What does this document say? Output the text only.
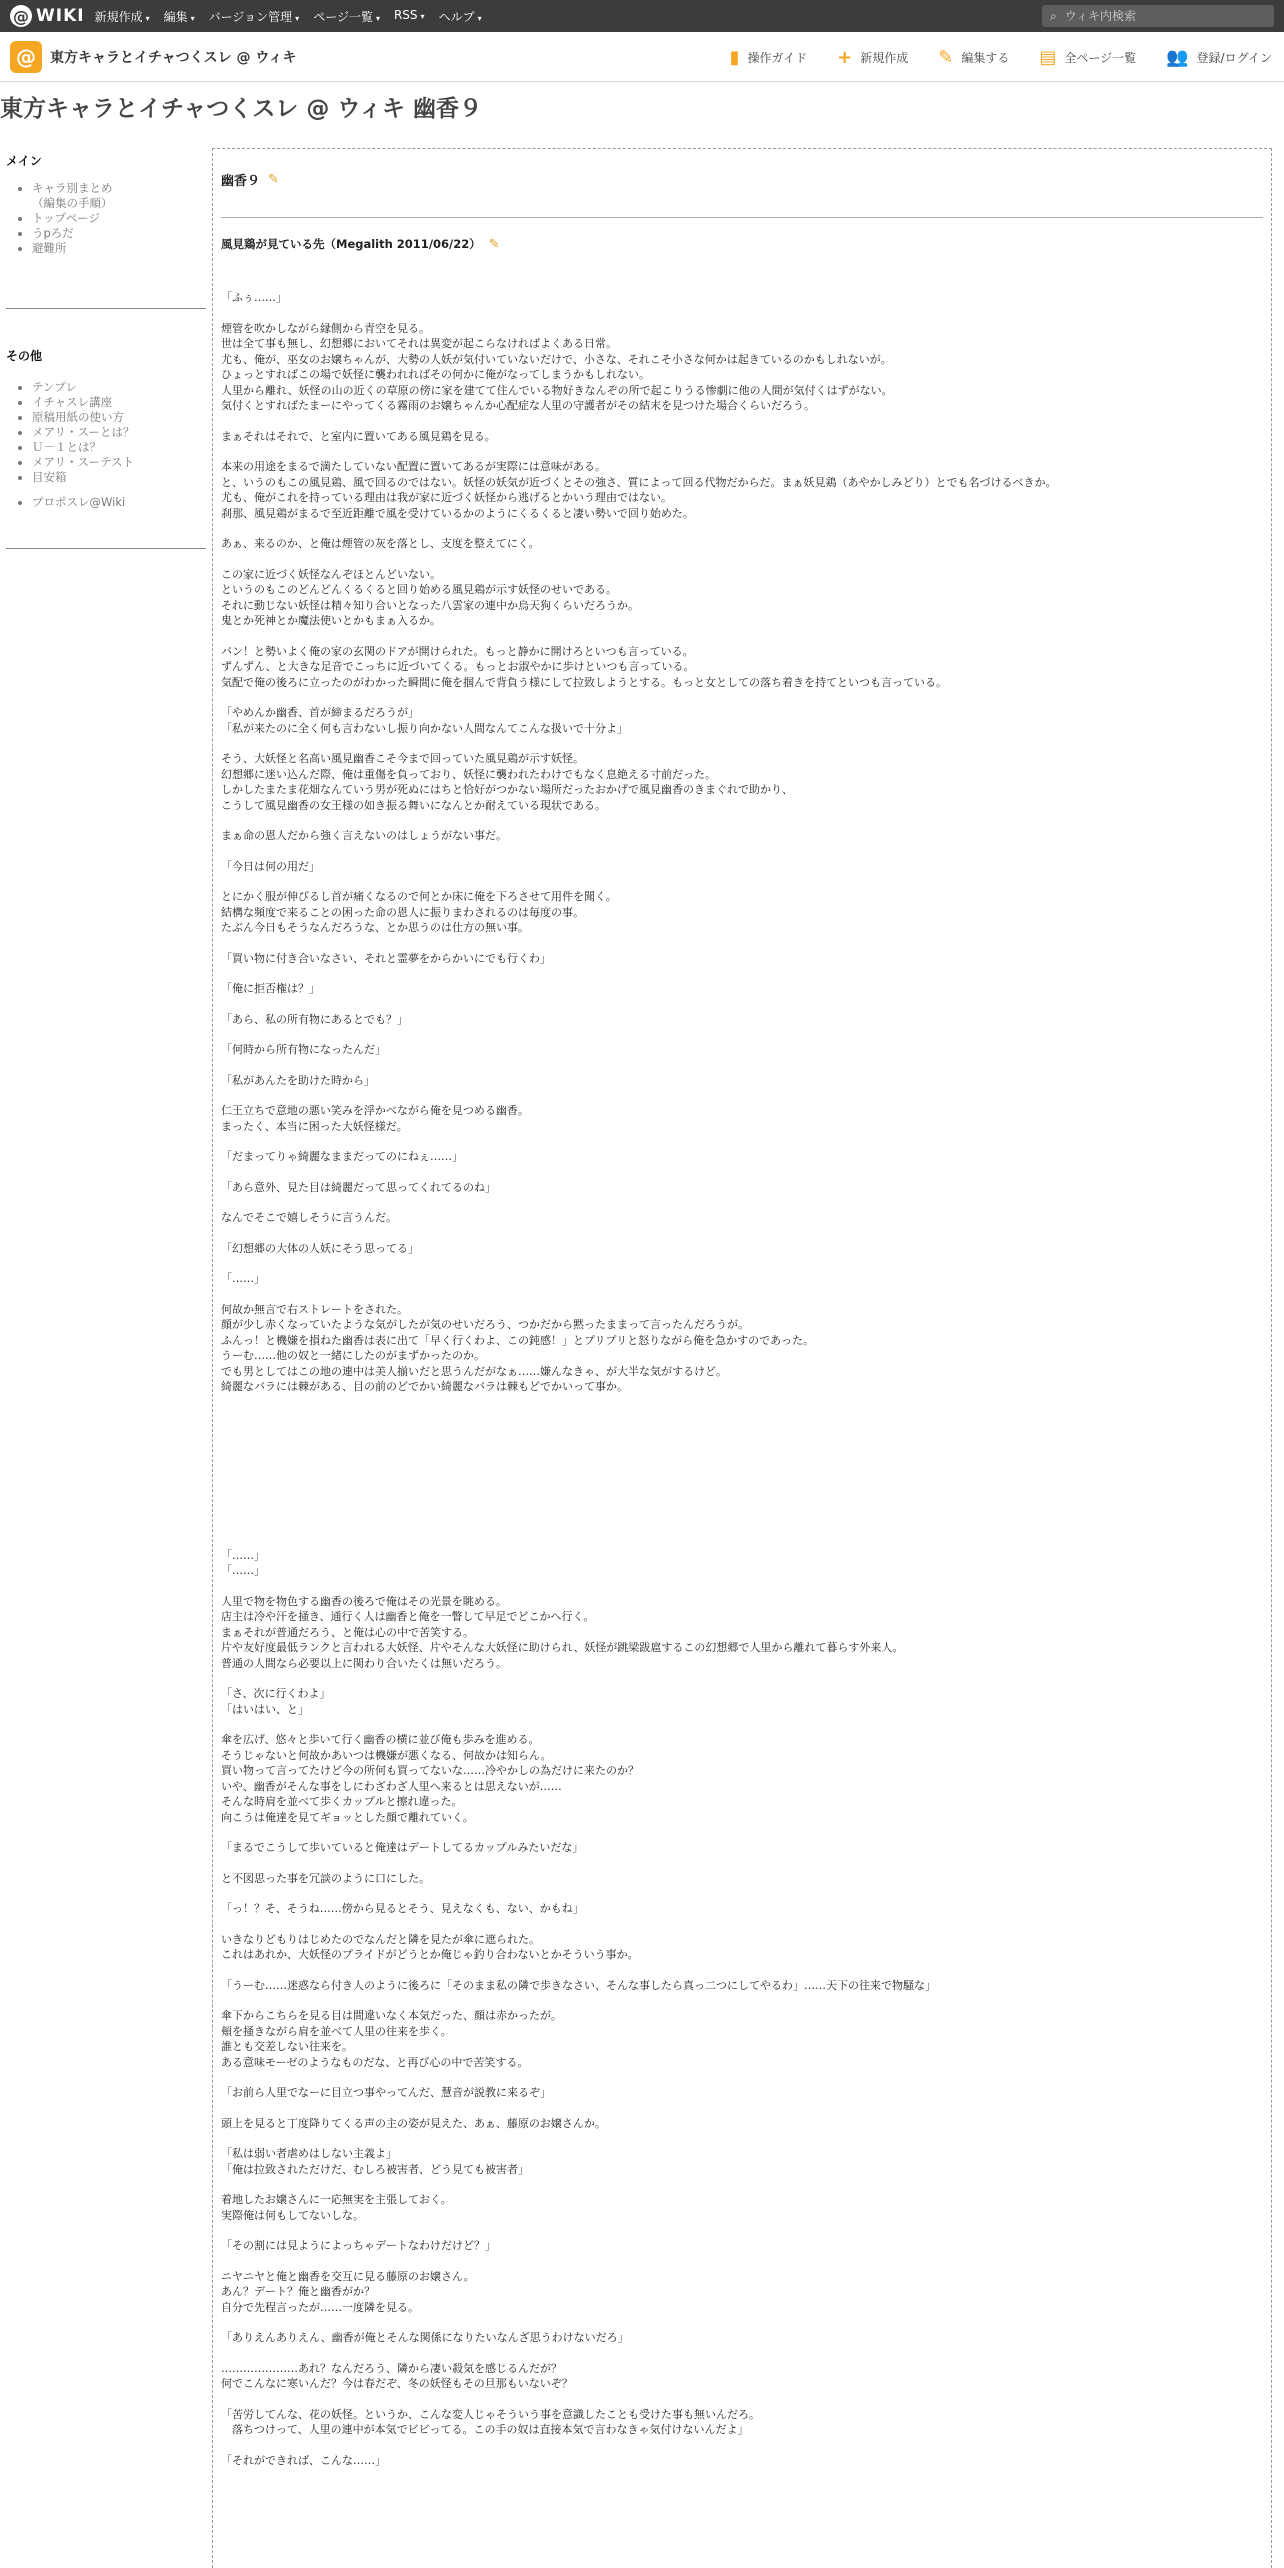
@ WIKI 新規作成 ▾ 編集 ▾ バージョン管理 ▾ ページ一覧 ▾ RSS ▾ ヘルプ ▾	⌕
ウィキ内検索
@	東方キャラとイチャつくスレ @ ウィキ	▮ 操作ガイド + 新規作成 ✎ 編集する ▤ 全ページ一覧 👥 登録/ログイン
東方キャラとイチャつくスレ @ ウィキ 幽香９
メイン
• キャラ別まとめ
（編集の手順）
• トップページ
• うpろだ
• 避難所
その他
• テンプレ
• イチャスレ講座
• 原稿用紙の使い方
• メアリ・スーとは？
• Ｕ－１とは？
• メアリ・スーテスト
• 目安箱
• プロポスレ@Wiki
幽香９ ✎
風見鶏が見ている先（Megalith 2011/06/22） ✎
「ふぅ……」
煙管を吹かしながら縁側から青空を見る。
世は全て事も無し、幻想郷においてそれは異変が起こらなければよくある日常。
尤も、俺が、巫女のお嬢ちゃんが、大勢の人妖が気付いていないだけで、小さな、それこそ小さな何かは起きているのかもしれないが。
ひょっとすればこの場で妖怪に襲われればその何かに俺がなってしまうかもしれない。
人里から離れ、妖怪の山の近くの草原の傍に家を建てて住んでいる物好きなんぞの所で起こりうる惨劇に他の人間が気付くはずがない。
気付くとすればたまーにやってくる霧雨のお嬢ちゃんか心配症な人里の守護者がその結末を見つけた場合くらいだろう。
まぁそれはそれで、と室内に置いてある風見鶏を見る。
本来の用途をまるで満たしていない配置に置いてあるが実際には意味がある。
と、いうのもこの風見鶏、風で回るのではない。妖怪の妖気が近づくとその強さ、質によって回る代物だからだ。まぁ妖見鶏（あやかしみどり）とでも名づけるべきか。
尤も、俺がこれを持っている理由は我が家に近づく妖怪から逃げるとかいう理由ではない。
刹那、風見鶏がまるで至近距離で風を受けているかのようにくるくると凄い勢いで回り始めた。
あぁ、来るのか、と俺は煙管の灰を落とし、支度を整えてにく。
この家に近づく妖怪なんぞほとんどいない。
というのもこのどんどんくるくると回り始める風見鶏が示す妖怪のせいである。
それに動じない妖怪は精々知り合いとなった八雲家の連中か烏天狗くらいだろうか。
鬼とか死神とか魔法使いとかもまぁ入るか。
バン！と勢いよく俺の家の玄関のドアが開けられた。もっと静かに開けろといつも言っている。
ずんずん、と大きな足音でこっちに近づいてくる。もっとお淑やかに歩けといつも言っている。
気配で俺の後ろに立ったのがわかった瞬間に俺を掴んで背負う様にして拉致しようとする。もっと女としての落ち着きを持てといつも言っている。
「やめんか幽香、首が締まるだろうが」
「私が来たのに全く何も言わないし振り向かない人間なんてこんな扱いで十分よ」
そう、大妖怪と名高い風見幽香こそ今まで回っていた風見鶏が示す妖怪。
幻想郷に迷い込んだ際、俺は重傷を負っており、妖怪に襲われたわけでもなく息絶える寸前だった。
しかしたまたま花畑なんていう男が死ぬにはちと恰好がつかない場所だったおかげで風見幽香のきまぐれで助かり、
こうして風見幽香の女王様の如き振る舞いになんとか耐えている現状である。
まぁ命の恩人だから強く言えないのはしょうがない事だ。
「今日は何の用だ」
とにかく服が伸びるし首が痛くなるので何とか床に俺を下ろさせて用件を聞く。
結構な頻度で来ることの困った命の恩人に振りまわされるのは毎度の事。
たぶん今日もそうなんだろうな、とか思うのは仕方の無い事。
「買い物に付き合いなさい、それと霊夢をからかいにでも行くわ」
「俺に拒否権は？」
「あら、私の所有物にあるとでも？」
「何時から所有物になったんだ」
「私があんたを助けた時から」
仁王立ちで意地の悪い笑みを浮かべながら俺を見つめる幽香。
まったく、本当に困った大妖怪様だ。
「だまってりゃ綺麗なままだってのにねぇ……」
「あら意外、見た目は綺麗だって思ってくれてるのね」
なんでそこで嬉しそうに言うんだ。
「幻想郷の大体の人妖にそう思ってる」
「……」
何故か無言で右ストレートをされた。
顔が少し赤くなっていたような気がしたが気のせいだろう、つかだから黙ったままって言ったんだろうが。
ふんっ！と機嫌を損ねた幽香は表に出て「早く行くわよ、この鈍感！」とプリプリと怒りながら俺を急かすのであった。
うーむ……他の奴と一緒にしたのがまずかったのか。
でも男としてはこの地の連中は美人揃いだと思うんだがなぁ……嫌んなきゃ、が大半な気がするけど。
綺麗なバラには棘がある、目の前のどでかい綺麗なバラは棘もどでかいって事か。
「……」
「……」
人里で物を物色する幽香の後ろで俺はその光景を眺める。
店主は冷や汗を掻き、通行く人は幽香と俺を一瞥して早足でどこかへ行く。
まぁそれが普通だろう、と俺は心の中で苦笑する。
片や友好度最低ランクと言われる大妖怪、片やそんな大妖怪に助けられ、妖怪が跳梁跋扈するこの幻想郷で人里から離れて暮らす外来人。
普通の人間なら必要以上に関わり合いたくは無いだろう。
「さ、次に行くわよ」
「はいはい、と」
傘を広げ、悠々と歩いて行く幽香の横に並び俺も歩みを進める。
そうじゃないと何故かあいつは機嫌が悪くなる、何故かは知らん。
買い物って言ってたけど今の所何も買ってないな……冷やかしの為だけに来たのか？
いや、幽香がそんな事をしにわざわざ人里へ来るとは思えないが……
そんな時肩を並べて歩くカップルと擦れ違った。
向こうは俺達を見てギョッとした顔で離れていく。
「まるでこうして歩いていると俺達はデートしてるカップルみたいだな」
と不図思った事を冗談のように口にした。
「っ！？そ、そうね……傍から見るとそう、見えなくも、ない、かもね」
いきなりどもりはじめたのでなんだと隣を見たが傘に遮られた。
これはあれか、大妖怪のプライドがどうとか俺じゃ釣り合わないとかそういう事か。
「うーむ……迷惑なら付き人のように後ろに「そのまま私の隣で歩きなさい、そんな事したら真っ二つにしてやるわ」……天下の往来で物騒な」
傘下からこちらを見る目は間違いなく本気だった、顔は赤かったが。
頬を掻きながら肩を並べて人里の往来を歩く。
誰とも交差しない往来を。
ある意味モーゼのようなものだな、と再び心の中で苦笑する。
「お前ら人里でなーに目立つ事やってんだ、慧音が説教に来るぞ」
頭上を見ると丁度降りてくる声の主の姿が見えた、あぁ、藤原のお嬢さんか。
「私は弱い者虐めはしない主義よ」
「俺は拉致されただけだ、むしろ被害者、どう見ても被害者」
着地したお嬢さんに一応無実を主張しておく。
実際俺は何もしてないしな。
「その割には見ようによっちゃデートなわけだけど？」
ニヤニヤと俺と幽香を交互に見る藤原のお嬢さん。
あん？デート？俺と幽香がか？
自分で先程言ったが……一度隣を見る。
「ありえんありえん、幽香が俺とそんな関係になりたいなんざ思うわけないだろ」
…………………あれ？なんだろう、隣から凄い殺気を感じるんだが？
何でこんなに寒いんだ？今は春だぞ、冬の妖怪もその旦那もいないぞ？
「苦労してんな、花の妖怪。というか、こんな変人じゃそういう事を意識したことも受けた事も無いんだろ。
　落ちつけって、人里の連中が本気でビビってる。この手の奴は直接本気で言わなきゃ気付けないんだよ」
「それができれば、こんな……」
